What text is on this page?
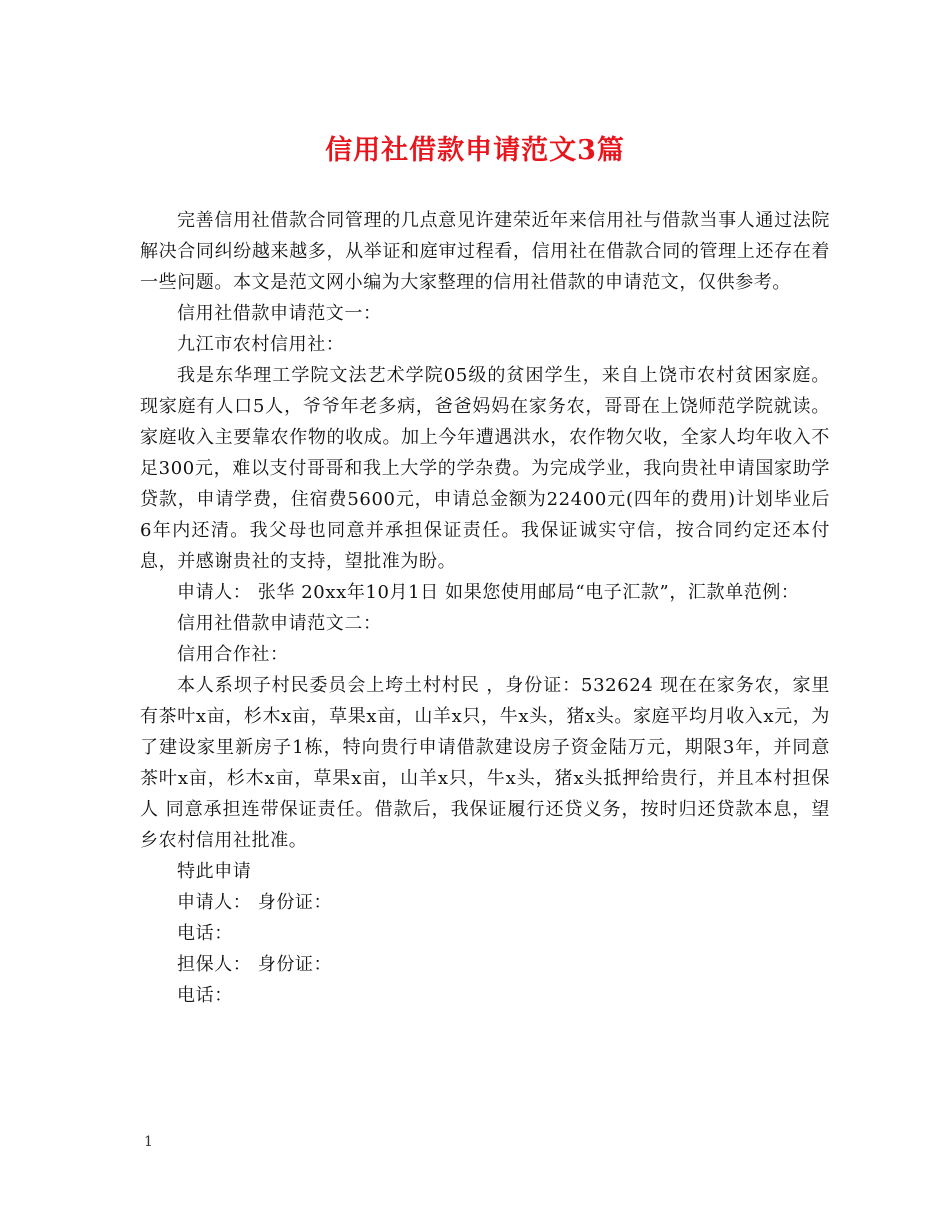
信用社借款申请范文3篇

完善信用社借款合同管理的几点意见许建荣近年来信用社与借款当事人通过法院解决合同纠纷越来越多，从举证和庭审过程看，信用社在借款合同的管理上还存在着一些问题。本文是范文网小编为大家整理的信用社借款的申请范文，仅供参考。

信用社借款申请范文一：

九江市农村信用社：

我是东华理工学院文法艺术学院05级的贫困学生，来自上饶市农村贫困家庭。现家庭有人口5人，爷爷年老多病，爸爸妈妈在家务农，哥哥在上饶师范学院就读。家庭收入主要靠农作物的收成。加上今年遭遇洪水，农作物欠收，全家人均年收入不足300元，难以支付哥哥和我上大学的学杂费。为完成学业，我向贵社申请国家助学贷款，申请学费，住宿费5600元，申请总金额为22400元(四年的费用)计划毕业后6年内还清。我父母也同意并承担保证责任。我保证诚实守信，按合同约定还本付息，并感谢贵社的支持，望批准为盼。

申请人： 张华 20xx年10月1日 如果您使用邮局“电子汇款”，汇款单范例：

信用社借款申请范文二：

信用合作社：

本人系坝子村民委员会上垮土村村民 ，身份证：532624 现在在家务农，家里有茶叶x亩，杉木x亩，草果x亩，山羊x只，牛x头，猪x头。家庭平均月收入x元，为了建设家里新房子1栋，特向贵行申请借款建设房子资金陆万元，期限3年，并同意茶叶x亩，杉木x亩，草果x亩，山羊x只，牛x头，猪x头抵押给贵行，并且本村担保人 同意承担连带保证责任。借款后，我保证履行还贷义务，按时归还贷款本息，望乡农村信用社批准。

特此申请

申请人： 身份证：

电话：

担保人： 身份证：

电话：

1
